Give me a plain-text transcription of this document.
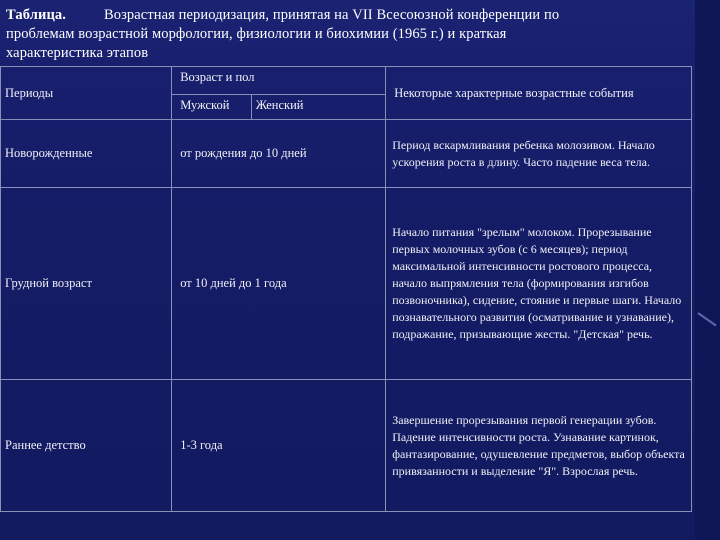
Таблица.	Возрастная периодизация, принятая на VII Всесоюзной конференции по
проблемам возрастной морфологии, физиологии и биохимии (1965 г.) и краткая
характеристика этапов
Периоды	Возраст и пол		Некоторые характерные возрастные события
	Мужской	Женский	
Новорожденные	от рождения до 10 дней		Период вскармливания ребенка молозивом. Начало ускорения роста в длину. Часто падение веса тела.

Грудной возраст	от 10 дней до 1 года		Начало питания "зрелым" молоком. Прорезывание первых молочных зубов (с 6 месяцев); период максимальной интенсивности ростового процесса, начало выпрямления тела (формирования изгибов позвоночника), сидение, стояние и первые шаги. Начало познавательного развития (осматривание и узнавание), подражание, призывающие жесты. "Детская" речь.

Раннее детство	1-3 года		Завершение прорезывания первой генерации зубов. Падение интенсивности роста. Узнавание картинок, фантазирование, одушевление предметов, выбор объекта привязанности и выделение "Я". Взрослая речь.
